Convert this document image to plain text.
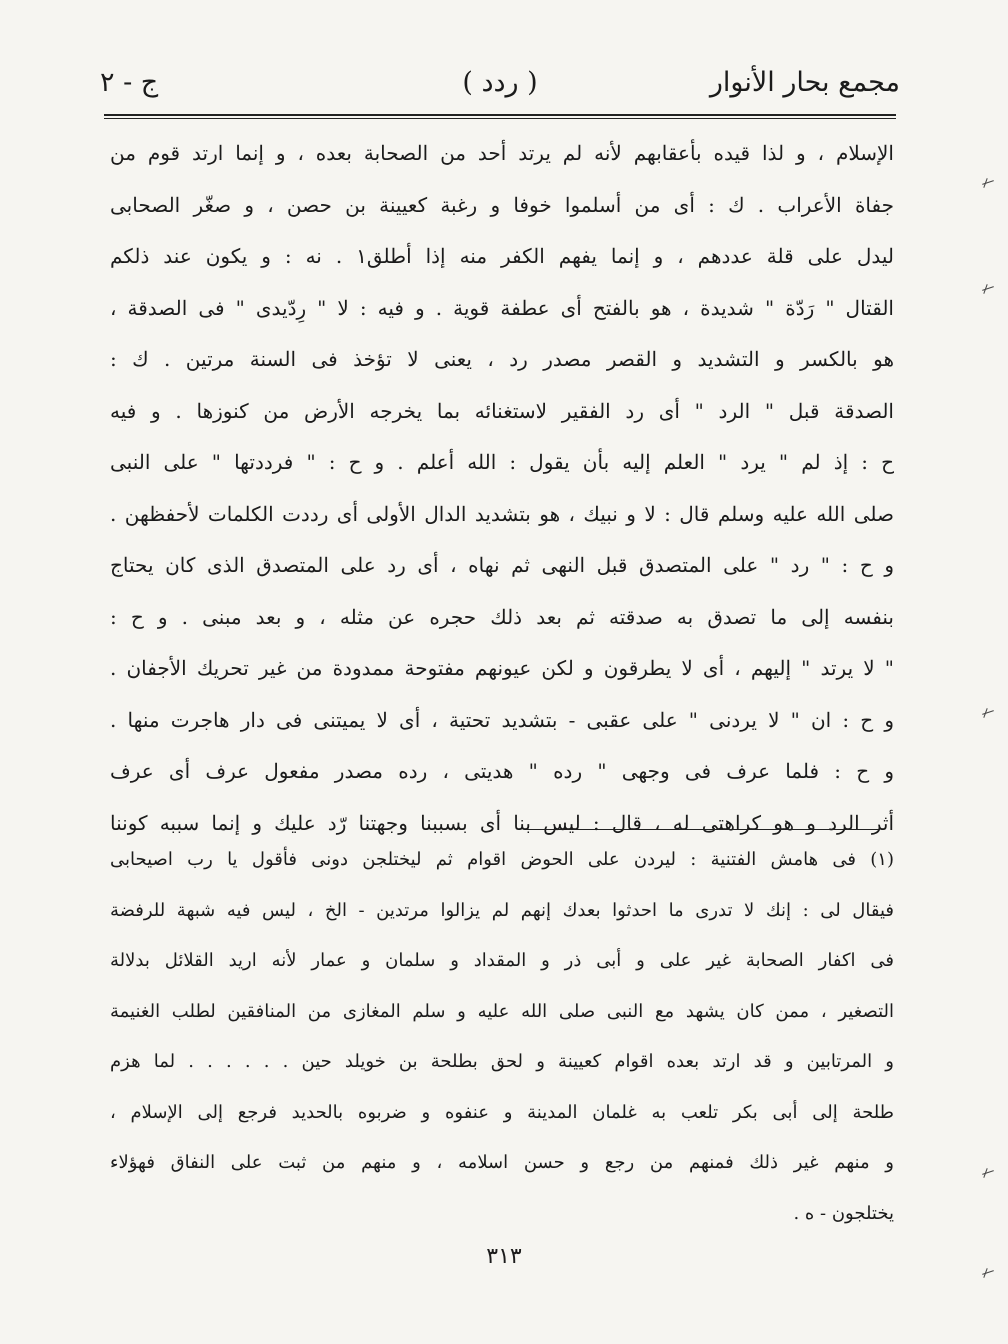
مجمع بحار الأنوار
( ردد )
ج - ٢
الإسلام ، و لذا قيده بأعقابهم لأنه لم يرتد أحد من الصحابة بعده ، و إنما ارتد قوم من
جفاة الأعراب . ك : أى من أسلموا خوفا و رغبة كعيينة بن حصن ، و صغّر الصحابى
ليدل على قلة عددهم ، و إنما يفهم الكفر منه إذا أطلق١ . نه : و يكون عند ذلكم
القتال " رَدّة " شديدة ، هو بالفتح أى عطفة قوية . و فيه : لا " رِدّيدى " فى الصدقة ،
هو بالكسر و التشديد و القصر مصدر رد ، يعنى لا تؤخذ فى السنة مرتين . ك :
الصدقة قبل " الرد " أى رد الفقير لاستغنائه بما يخرجه الأرض من كنوزها . و فيه
ح : إذ لم " يرد " العلم إليه بأن يقول : الله أعلم . و ح : " فرددتها " على النبى
صلى الله عليه وسلم قال : لا و نبيك ، هو بتشديد الدال الأولى أى رددت الكلمات لأحفظهن .
و ح : " رد " على المتصدق قبل النهى ثم نهاه ، أى رد على المتصدق الذى كان يحتاج
بنفسه إلى ما تصدق به صدقته ثم بعد ذلك حجره عن مثله ، و بعد مبنى . و ح :
" لا يرتد " إليهم ، أى لا يطرقون و لكن عيونهم مفتوحة ممدودة من غير تحريك الأجفان .
و ح : ان " لا يردنى " على عقبى - بتشديد تحتية ، أى لا يميتنى فى دار هاجرت منها .
و ح : فلما عرف فى وجهى " رده " هديتى ، رده مصدر مفعول عرف أى عرف
أثر الرد و هو كراهتى له ، قال : ليس بنا أى بسببنا وجهتنا رّد عليك و إنما سببه كوننا
(١) فى هامش الفتنية : ليردن على الحوض اقوام ثم ليختلجن دونى فأقول يا رب اصيحابى
فيقال لى : إنك لا تدرى ما احدثوا بعدك إنهم لم يزالوا مرتدين - الخ ، ليس فيه شبهة للرفضة
فى اكفار الصحابة غير على و أبى ذر و المقداد و سلمان و عمار لأنه اريد القلائل بدلالة
التصغير ، ممن كان يشهد مع النبى صلى الله عليه و سلم المغازى من المنافقين لطلب الغنيمة
و المرتابين و قد ارتد بعده اقوام كعيينة و لحق بطلحة بن خويلد حين . . . . . . لما هزم
طلحة إلى أبى بكر تلعب به غلمان المدينة و عنفوه و ضربوه بالحديد فرجع إلى الإسلام ،
و منهم غير ذلك فمنهم من رجع و حسن اسلامه ، و منهم من ثبت على النفاق فهؤلاء
يختلجون - ه .
٣١٣
